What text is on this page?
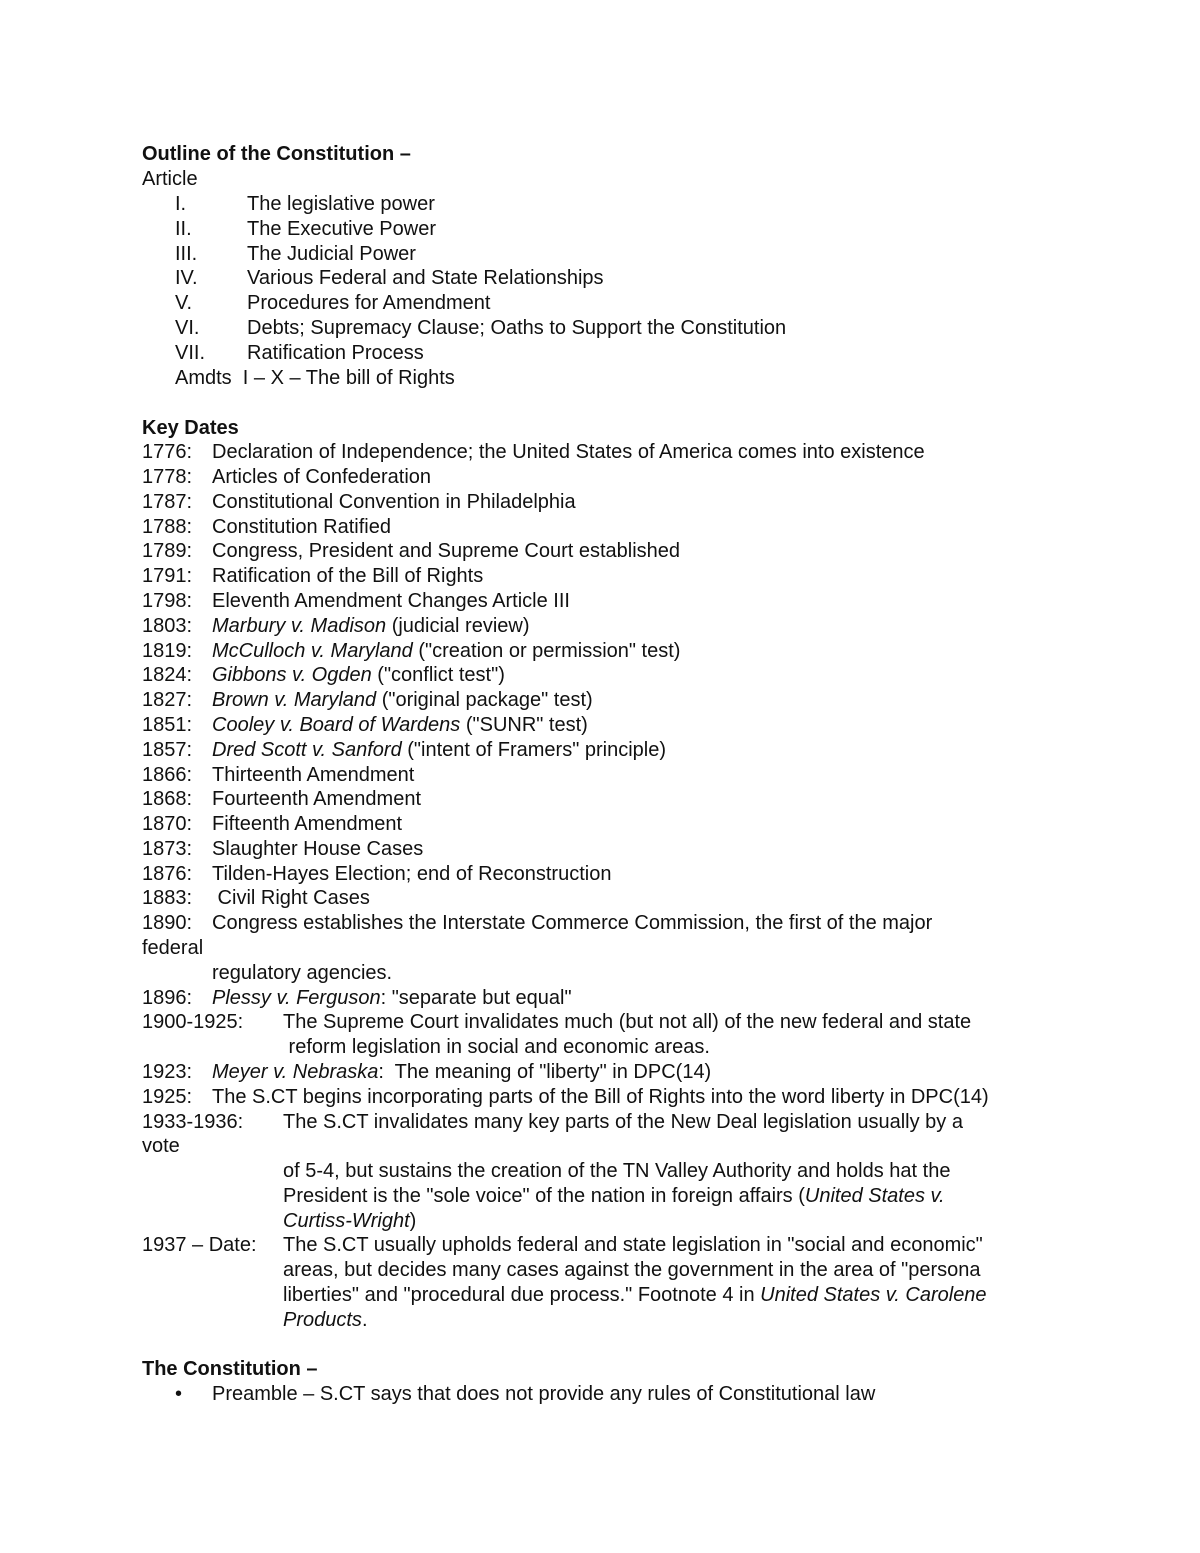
Outline of the Constitution –
Article
I.	The legislative power
II.	The Executive Power
III. The Judicial Power
IV. Various Federal and State Relationships
V.	Procedures for Amendment
VI. Debts; Supremacy Clause; Oaths to Support the Constitution
VII. Ratification Process
Amdts  I – X – The bill of Rights
Key Dates
1776: Declaration of Independence; the United States of America comes into existence
1778: Articles of Confederation
1787: Constitutional Convention in Philadelphia
1788: Constitution Ratified
1789: Congress, President and Supreme Court established
1791: Ratification of the Bill of Rights
1798: Eleventh Amendment Changes Article III
1803: Marbury v. Madison (judicial review)
1819: McCulloch v. Maryland ("creation or permission" test)
1824: Gibbons v. Ogden ("conflict test")
1827: Brown v. Maryland ("original package" test)
1851: Cooley v. Board of Wardens ("SUNR" test)
1857: Dred Scott v. Sanford ("intent of Framers" principle)
1866: Thirteenth Amendment
1868: Fourteenth Amendment
1870: Fifteenth Amendment
1873: Slaughter House Cases
1876: Tilden-Hayes Election; end of Reconstruction
1883: Civil Right Cases
1890: Congress establishes the Interstate Commerce Commission, the first of the major
federal
regulatory agencies.
1896: Plessy v. Ferguson: "separate but equal"
1900-1925: The Supreme Court invalidates much (but not all) of the new federal and state
reform legislation in social and economic areas.
1923: Meyer v. Nebraska:  The meaning of "liberty" in DPC(14)
1925: The S.CT begins incorporating parts of the Bill of Rights into the word liberty in DPC(14)
1933-1936: The S.CT invalidates many key parts of the New Deal legislation usually by a
vote
of 5-4, but sustains the creation of the TN Valley Authority and holds hat the
President is the "sole voice" of the nation in foreign affairs (United States v.
Curtiss-Wright)
1937 – Date: The S.CT usually upholds federal and state legislation in "social and economic"
areas, but decides many cases against the government in the area of "persona
liberties" and "procedural due process." Footnote 4 in United States v. Carolene
Products.
The Constitution –
• Preamble – S.CT says that does not provide any rules of Constitutional law
